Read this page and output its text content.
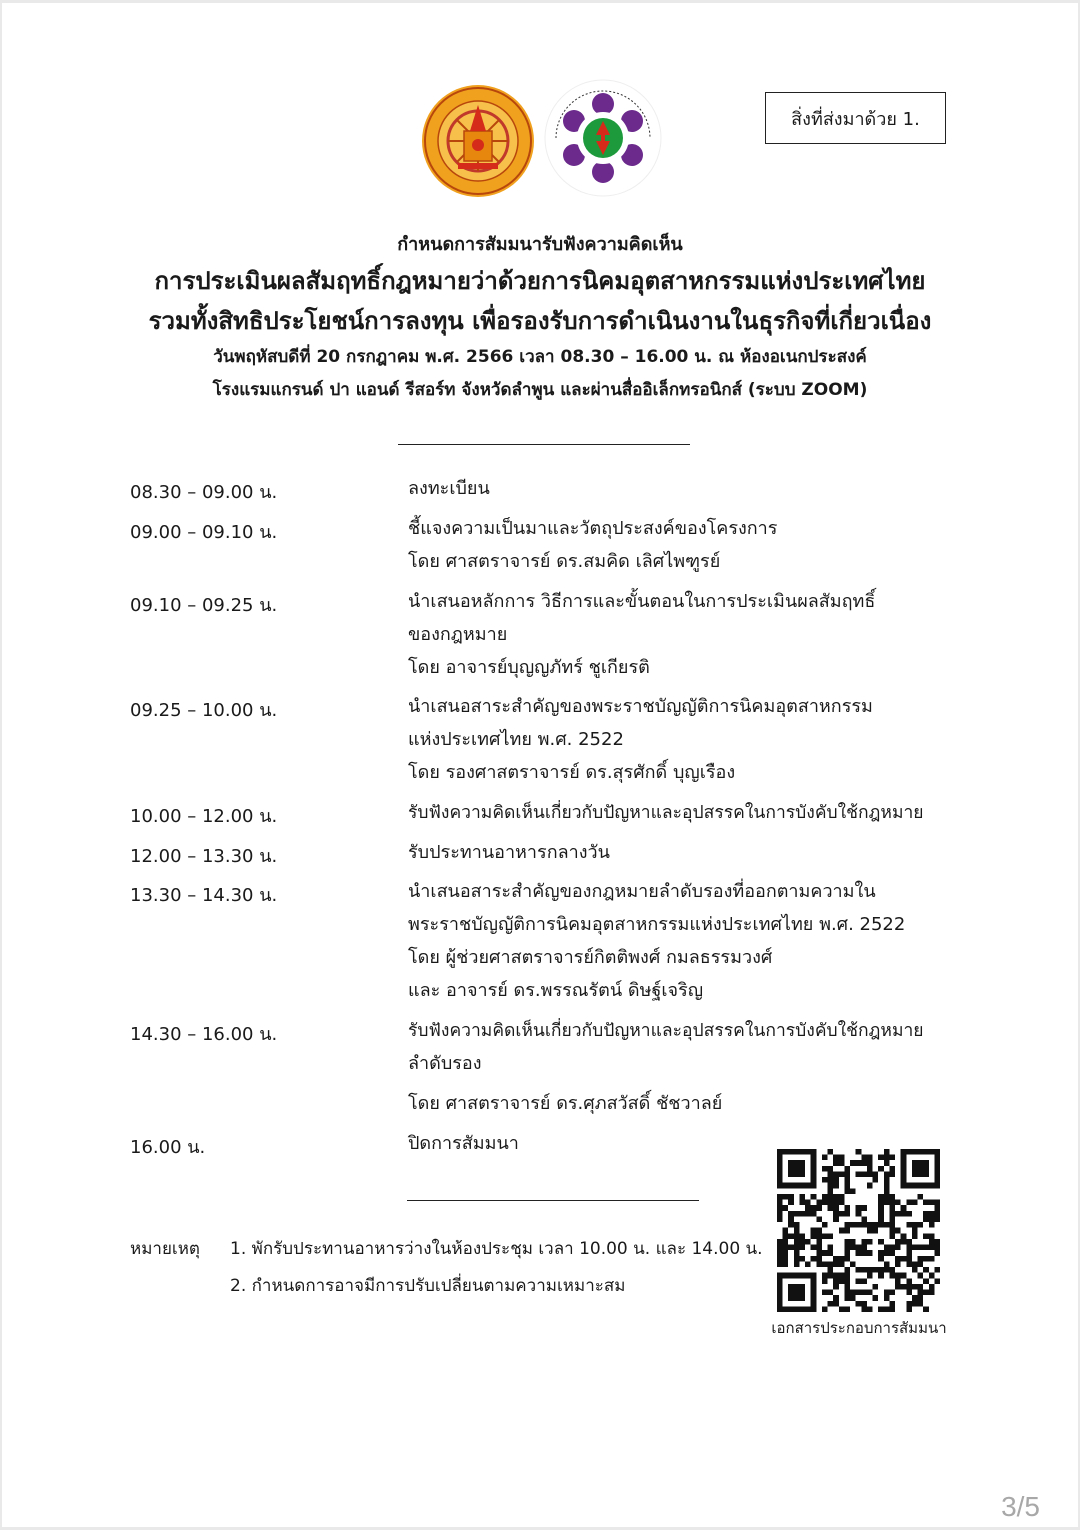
สิ่งที่ส่งมาด้วย 1.
กำหนดการสัมมนารับฟังความคิดเห็น
การประเมินผลสัมฤทธิ์กฎหมายว่าด้วยการนิคมอุตสาหกรรมแห่งประเทศไทย
รวมทั้งสิทธิประโยชน์การลงทุน เพื่อรองรับการดำเนินงานในธุรกิจที่เกี่ยวเนื่อง
วันพฤหัสบดีที่ 20 กรกฎาคม พ.ศ. 2566 เวลา 08.30 – 16.00 น. ณ ห้องอเนกประสงค์
โรงแรมแกรนด์ ปา แอนด์ รีสอร์ท จังหวัดลำพูน และผ่านสื่ออิเล็กทรอนิกส์ (ระบบ ZOOM)
08.30 – 09.00 น.	ลงทะเบียน
09.00 – 09.10 น.	ชี้แจงความเป็นมาและวัตถุประสงค์ของโครงการ
โดย ศาสตราจารย์ ดร.สมคิด เลิศไพฑูรย์
09.10 – 09.25 น.	นำเสนอหลักการ วิธีการและขั้นตอนในการประเมินผลสัมฤทธิ์
ของกฎหมาย
โดย อาจารย์บุญญภัทร์ ชูเกียรติ
09.25 – 10.00 น.	นำเสนอสาระสำคัญของพระราชบัญญัติการนิคมอุตสาหกรรม
แห่งประเทศไทย พ.ศ. 2522
โดย รองศาสตราจารย์ ดร.สุรศักดิ์ บุญเรือง
10.00 – 12.00 น.	รับฟังความคิดเห็นเกี่ยวกับปัญหาและอุปสรรคในการบังคับใช้กฎหมาย
12.00 – 13.30 น.	รับประทานอาหารกลางวัน
13.30 – 14.30 น.	นำเสนอสาระสำคัญของกฎหมายลำดับรองที่ออกตามความใน
พระราชบัญญัติการนิคมอุตสาหกรรมแห่งประเทศไทย พ.ศ. 2522
โดย ผู้ช่วยศาสตราจารย์กิตติพงศ์ กมลธรรมวงศ์
และ อาจารย์ ดร.พรรณรัตน์ ดิษฐ์เจริญ
14.30 – 16.00 น.	รับฟังความคิดเห็นเกี่ยวกับปัญหาและอุปสรรคในการบังคับใช้กฎหมาย
ลำดับรอง
โดย ศาสตราจารย์ ดร.ศุภสวัสดิ์ ชัชวาลย์
16.00 น.	ปิดการสัมมนา
หมายเหตุ 1. พักรับประทานอาหารว่างในห้องประชุม เวลา 10.00 น. และ 14.00 น.
2. กำหนดการอาจมีการปรับเปลี่ยนตามความเหมาะสม
เอกสารประกอบการสัมมนา
3/5
